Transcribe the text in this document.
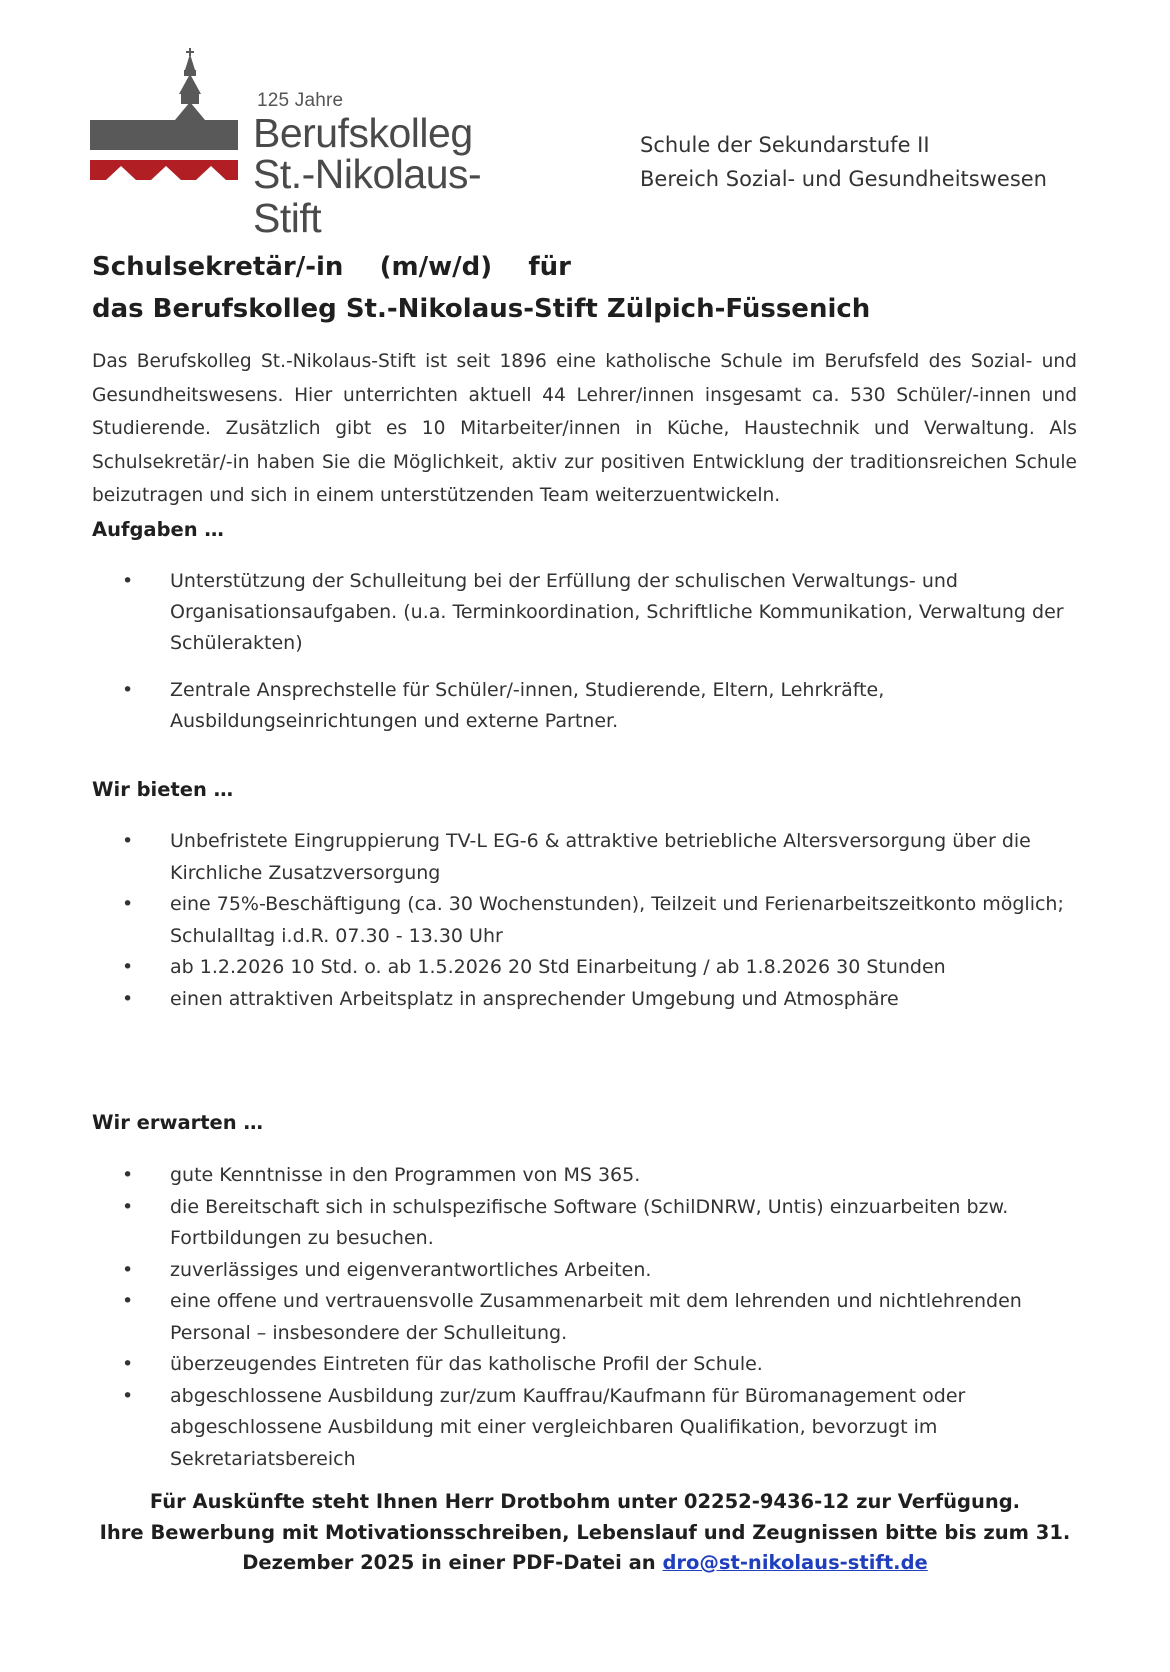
125 Jahre
Berufskolleg
St.-Nikolaus-Stift
Schule der Sekundarstufe II
Bereich Sozial- und Gesundheitswesen
Schulsekretär/-in    (m/w/d)    für
das Berufskolleg St.-Nikolaus-Stift Zülpich-Füssenich
Das Berufskolleg St.-Nikolaus-Stift ist seit 1896 eine katholische Schule im Berufsfeld des Sozial- und Gesundheitswesens. Hier unterrichten aktuell 44 Lehrer/innen insgesamt ca. 530 Schüler/-innen und Studierende. Zusätzlich gibt es 10 Mitarbeiter/innen in Küche, Haustechnik und Verwaltung. Als Schulsekretär/-in haben Sie die Möglichkeit, aktiv zur positiven Entwicklung der traditionsreichen Schule beizutragen und sich in einem unterstützenden Team weiterzuentwickeln.
Aufgaben …
• Unterstützung der Schulleitung bei der Erfüllung der schulischen Verwaltungs- und Organisationsaufgaben. (u.a. Terminkoordination, Schriftliche Kommunikation, Verwaltung der Schülerakten)
• Zentrale Ansprechstelle für Schüler/-innen, Studierende, Eltern, Lehrkräfte, Ausbildungseinrichtungen und externe Partner.
Wir bieten …
• Unbefristete Eingruppierung TV-L EG-6 & attraktive betriebliche Altersversorgung über die Kirchliche Zusatzversorgung
• eine 75%-Beschäftigung (ca. 30 Wochenstunden), Teilzeit und Ferienarbeitszeitkonto möglich; Schulalltag i.d.R. 07.30 - 13.30 Uhr
• ab 1.2.2026 10 Std. o. ab 1.5.2026 20 Std Einarbeitung / ab 1.8.2026 30 Stunden
• einen attraktiven Arbeitsplatz in ansprechender Umgebung und Atmosphäre
Wir erwarten …
• gute Kenntnisse in den Programmen von MS 365.
• die Bereitschaft sich in schulspezifische Software (SchilDNRW, Untis) einzuarbeiten bzw. Fortbildungen zu besuchen.
• zuverlässiges und eigenverantwortliches Arbeiten.
• eine offene und vertrauensvolle Zusammenarbeit mit dem lehrenden und nichtlehrenden Personal – insbesondere der Schulleitung.
• überzeugendes Eintreten für das katholische Profil der Schule.
• abgeschlossene Ausbildung zur/zum Kauffrau/Kaufmann für Büromanagement oder abgeschlossene Ausbildung mit einer vergleichbaren Qualifikation, bevorzugt im Sekretariatsbereich
Für Auskünfte steht Ihnen Herr Drotbohm unter 02252-9436-12 zur Verfügung.
Ihre Bewerbung mit Motivationsschreiben, Lebenslauf und Zeugnissen bitte bis zum 31.
Dezember 2025 in einer PDF-Datei an dro@st-nikolaus-stift.de
